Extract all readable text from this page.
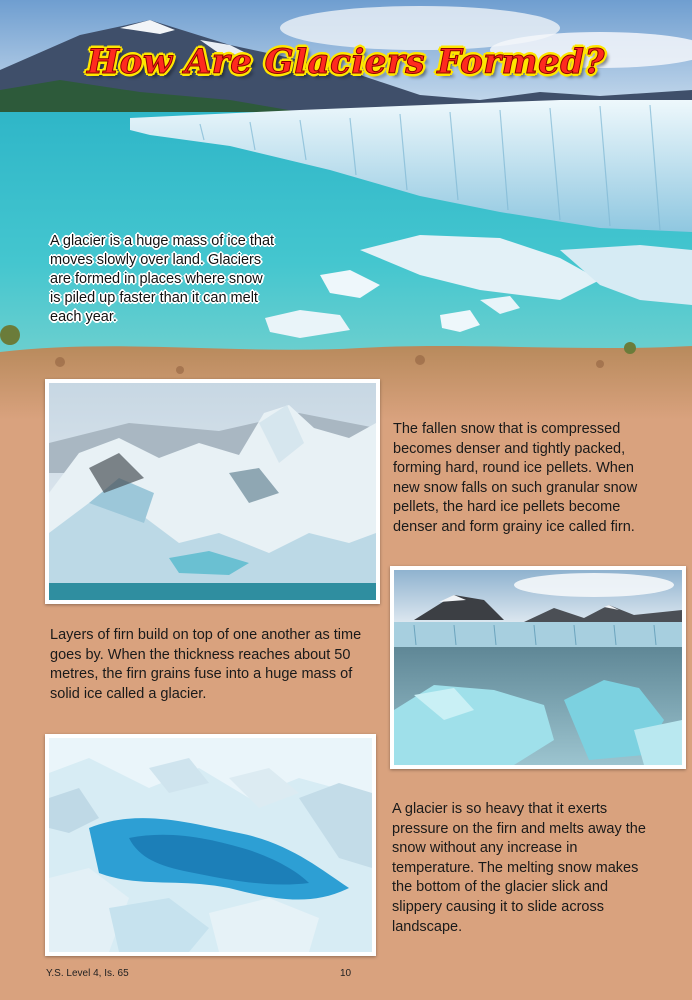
How Are Glaciers Formed?

A glacier is a huge mass of ice that moves slowly over land. Glaciers are formed in places where snow is piled up faster than it can melt each year.

The fallen snow that is compressed becomes denser and tightly packed, forming hard, round ice pellets. When new snow falls on such granular snow pellets, the hard ice pellets become denser and form grainy ice called firn.

Layers of firn build on top of one another as time goes by. When the thickness reaches about 50 metres, the firn grains fuse into a huge mass of solid ice called a glacier.

A glacier is so heavy that it exerts pressure on the firn and melts away the snow without any increase in temperature. The melting snow makes the bottom of the glacier slick and slippery causing it to slide across landscape.

Y.S. Level 4, Is. 65	10
